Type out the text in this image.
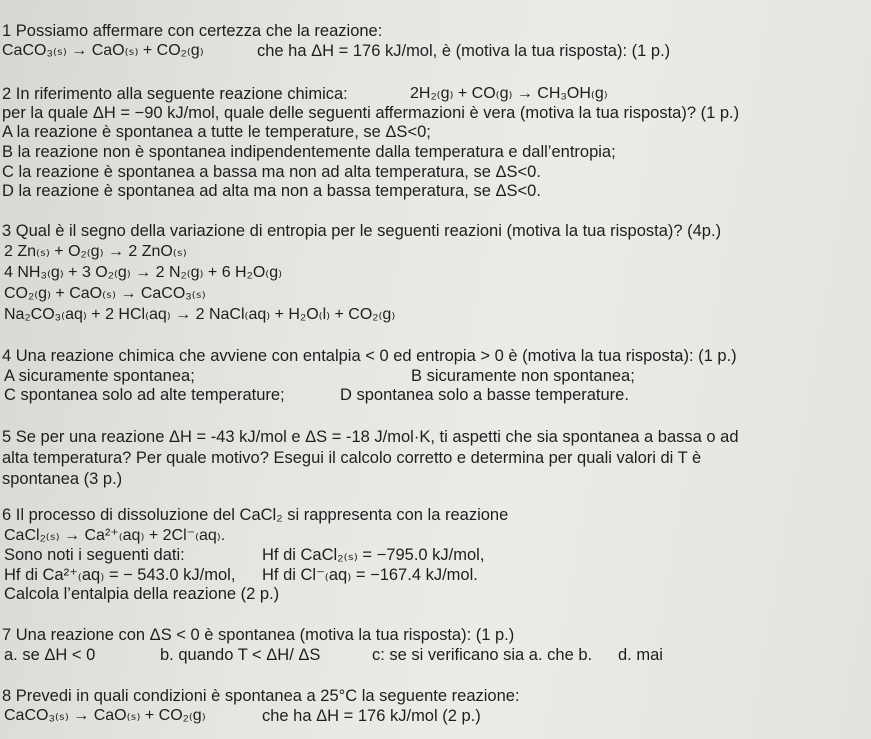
1 Possiamo affermare con certezza che la reazione:
CaCO₃₍ₛ₎ → CaO₍ₛ₎ + CO₂₍g₎	che ha ΔH = 176 kJ/mol, è (motiva la tua risposta): (1 p.)
2 In riferimento alla seguente reazione chimica:	2H₂₍g₎ + CO₍g₎ → CH₃OH₍g₎
per la quale ΔH = −90 kJ/mol, quale delle seguenti affermazioni è vera (motiva la tua risposta)? (1 p.)
A la reazione è spontanea a tutte le temperature, se ΔS<0;
B la reazione non è spontanea indipendentemente dalla temperatura e dall’entropia;
C la reazione è spontanea a bassa ma non ad alta temperatura, se ΔS<0.
D la reazione è spontanea ad alta ma non a bassa temperatura, se ΔS<0.
3 Qual è il segno della variazione di entropia per le seguenti reazioni (motiva la tua risposta)? (4p.)
2 Zn₍ₛ₎ + O₂₍g₎ → 2 ZnO₍ₛ₎
4 NH₃₍g₎ + 3 O₂₍g₎ → 2 N₂₍g₎ + 6 H₂O₍g₎
CO₂₍g₎ + CaO₍ₛ₎ → CaCO₃₍ₛ₎
Na₂CO₃₍aq₎ + 2 HCl₍aq₎ → 2 NaCl₍aq₎ + H₂O₍l₎ + CO₂₍g₎
4 Una reazione chimica che avviene con entalpia < 0 ed entropia > 0 è (motiva la tua risposta): (1 p.)
A sicuramente spontanea;	B sicuramente non spontanea;
C spontanea solo ad alte temperature;	D spontanea solo a basse temperature.
5 Se per una reazione ΔH = -43 kJ/mol e ΔS = -18 J/mol·K, ti aspetti che sia spontanea a bassa o ad
alta temperatura? Per quale motivo? Esegui il calcolo corretto e determina per quali valori di T è
spontanea (3 p.)
6 Il processo di dissoluzione del CaCl₂ si rappresenta con la reazione
CaCl₂₍ₛ₎ → Ca²⁺₍aq₎ + 2Cl⁻₍aq₎.
Sono noti i seguenti dati:	Hf di CaCl₂₍ₛ₎ = −795.0 kJ/mol,
Hf di Ca²⁺₍aq₎ = − 543.0 kJ/mol, Hf di Cl⁻₍aq₎ = −167.4 kJ/mol.
Calcola l’entalpia della reazione (2 p.)
7 Una reazione con ΔS < 0 è spontanea (motiva la tua risposta): (1 p.)
a. se ΔH < 0	b. quando T < ΔH/ ΔS	c: se si verificano sia a. che b. d. mai
8 Prevedi in quali condizioni è spontanea a 25°C la seguente reazione:
CaCO₃₍ₛ₎ → CaO₍ₛ₎ + CO₂₍g₎	che ha ΔH = 176 kJ/mol (2 p.)
